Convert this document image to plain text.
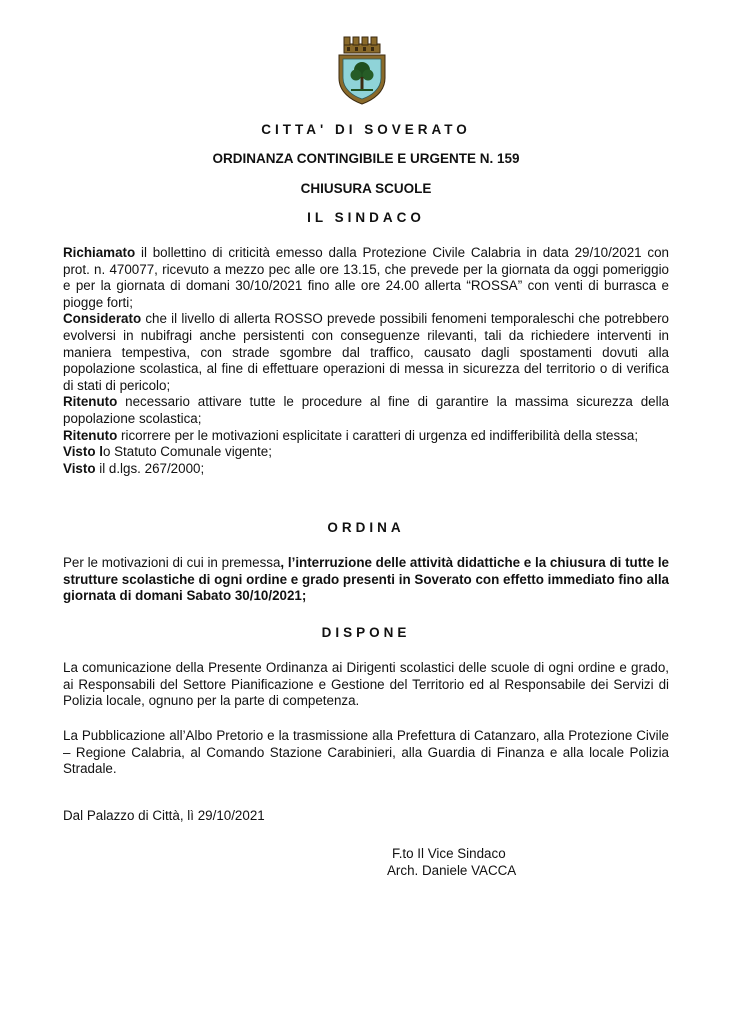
CITTA' DI SOVERATO
ORDINANZA CONTINGIBILE E URGENTE N. 159
CHIUSURA SCUOLE
IL SINDACO

Richiamato il bollettino di criticità emesso dalla Protezione Civile Calabria in data 29/10/2021 con prot. n. 470077, ricevuto a mezzo pec alle ore 13.15, che prevede per la giornata da oggi pomeriggio e per la giornata di domani 30/10/2021 fino alle ore 24.00 allerta “ROSSA” con venti di burrasca e piogge forti;

Considerato che il livello di allerta ROSSO prevede possibili fenomeni temporaleschi che potrebbero evolversi in nubifragi anche persistenti con conseguenze rilevanti, tali da richiedere interventi in maniera tempestiva, con strade sgombre dal traffico, causato dagli spostamenti dovuti alla popolazione scolastica, al fine di effettuare operazioni di messa in sicurezza del territorio o di verifica di stati di pericolo;

Ritenuto necessario attivare tutte le procedure al fine di garantire la massima sicurezza della popolazione scolastica;

Ritenuto ricorrere per le motivazioni esplicitate i caratteri di urgenza ed indifferibilità della stessa;

Visto lo Statuto Comunale vigente;

Visto il d.lgs. 267/2000;

ORDINA

Per le motivazioni di cui in premessa, l’interruzione delle attività didattiche e la chiusura di tutte le strutture scolastiche di ogni ordine e grado presenti in Soverato con effetto immediato fino alla giornata di domani Sabato 30/10/2021;

DISPONE
La comunicazione della Presente Ordinanza ai Dirigenti scolastici delle scuole di ogni ordine e grado, ai Responsabili del Settore Pianificazione e Gestione del Territorio ed al Responsabile dei Servizi di Polizia locale, ognuno per la parte di competenza.
La Pubblicazione all’Albo Pretorio e la trasmissione alla Prefettura di Catanzaro, alla Protezione Civile – Regione Calabria, al Comando Stazione Carabinieri, alla Guardia di Finanza e alla locale Polizia Stradale.
Dal Palazzo di Città, lì 29/10/2021
F.to Il Vice Sindaco
Arch. Daniele VACCA
